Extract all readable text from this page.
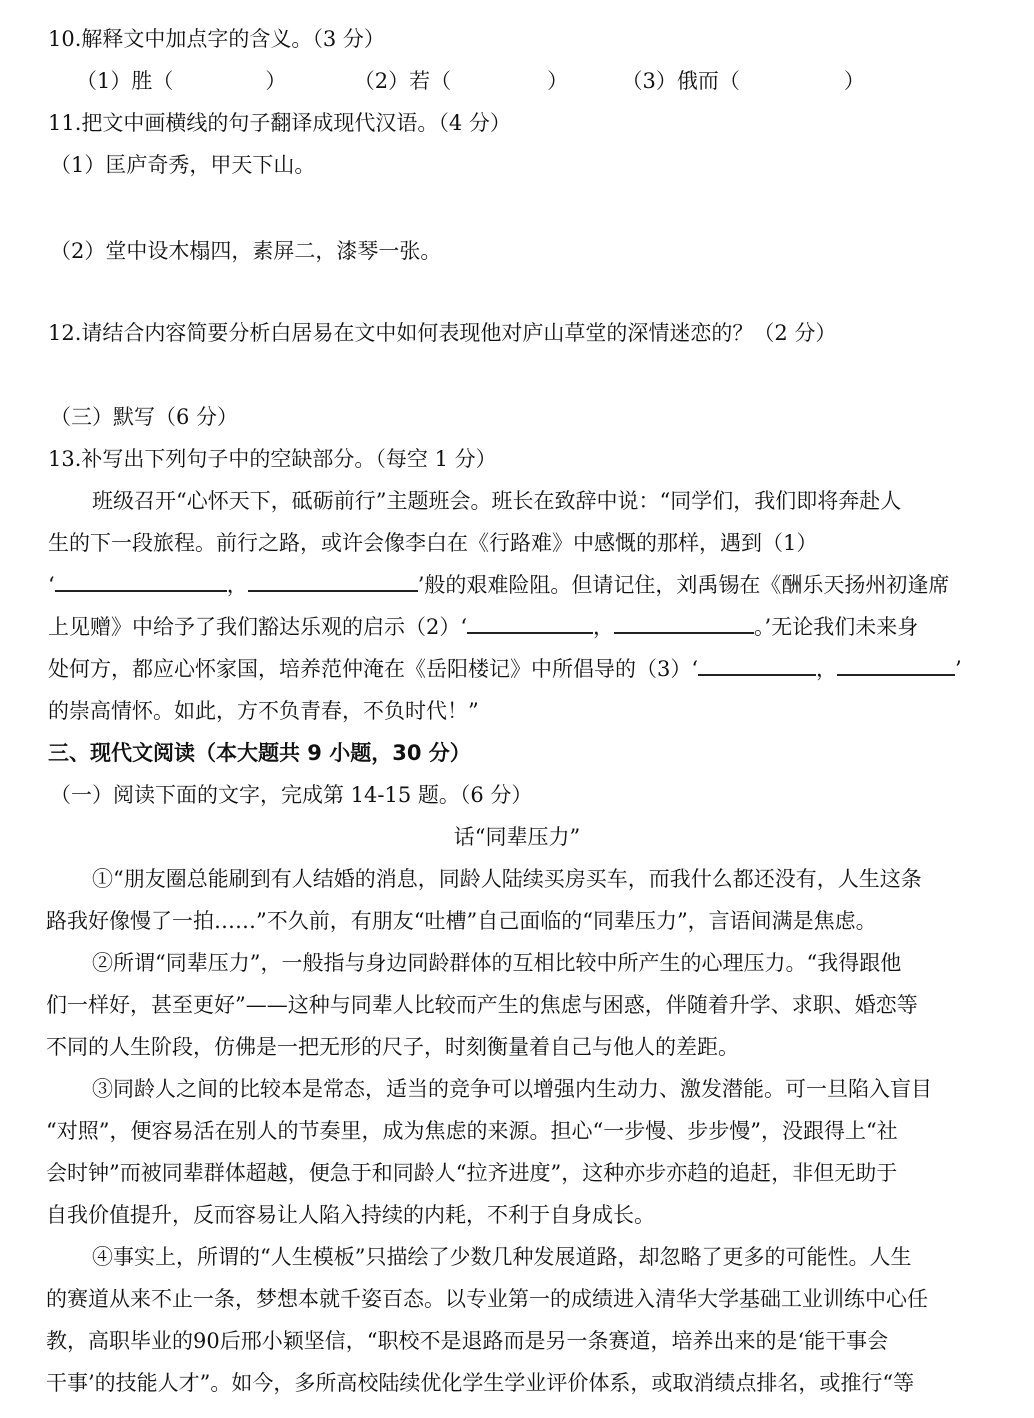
10.解释文中加点字的含义。（3 分）
（1）胜（	）	（2）若（	）	（3）俄而（	）
11.把文中画横线的句子翻译成现代汉语。（4 分）
（1）匡庐奇秀，甲天下山。
（2）堂中设木榻四，素屏二，漆琴一张。
12.请结合内容简要分析白居易在文中如何表现他对庐山草堂的深情迷恋的？（2 分）
（三）默写（6 分）
13.补写出下列句子中的空缺部分。（每空 1 分）
班级召开“心怀天下，砥砺前行”主题班会。班长在致辞中说：“同学们，我们即将奔赴人
生的下一段旅程。前行之路，或许会像李白在《行路难》中感慨的那样，遇到（1）
‘	，	’般的艰难险阻。但请记住，刘禹锡在《酬乐天扬州初逢席
上见赠》中给予了我们豁达乐观的启示（2）‘	，	。’无论我们未来身
处何方，都应心怀家国，培养范仲淹在《岳阳楼记》中所倡导的（3）‘	，	’
的崇高情怀。如此，方不负青春，不负时代！”
三、现代文阅读（本大题共 9 小题，30 分）
（一）阅读下面的文字，完成第 14-15 题。（6 分）
话“同辈压力”
①“朋友圈总能刷到有人结婚的消息，同龄人陆续买房买车，而我什么都还没有，人生这条
路我好像慢了一拍……”不久前，有朋友“吐槽”自己面临的“同辈压力”，言语间满是焦虑。
②所谓“同辈压力”，一般指与身边同龄群体的互相比较中所产生的心理压力。“我得跟他
们一样好，甚至更好”——这种与同辈人比较而产生的焦虑与困惑，伴随着升学、求职、婚恋等
不同的人生阶段，仿佛是一把无形的尺子，时刻衡量着自己与他人的差距。
③同龄人之间的比较本是常态，适当的竞争可以增强内生动力、激发潜能。可一旦陷入盲目
“对照”，便容易活在别人的节奏里，成为焦虑的来源。担心“一步慢、步步慢”，没跟得上“社
会时钟”而被同辈群体超越，便急于和同龄人“拉齐进度”，这种亦步亦趋的追赶，非但无助于
自我价值提升，反而容易让人陷入持续的内耗，不利于自身成长。
④事实上，所谓的“人生模板”只描绘了少数几种发展道路，却忽略了更多的可能性。人生
的赛道从来不止一条，梦想本就千姿百态。以专业第一的成绩进入清华大学基础工业训练中心任
教，高职毕业的90后邢小颖坚信，“职校不是退路而是另一条赛道，培养出来的是‘能干事会
干事’的技能人才”。如今，多所高校陆续优化学生学业评价体系，或取消绩点排名，或推行“等
